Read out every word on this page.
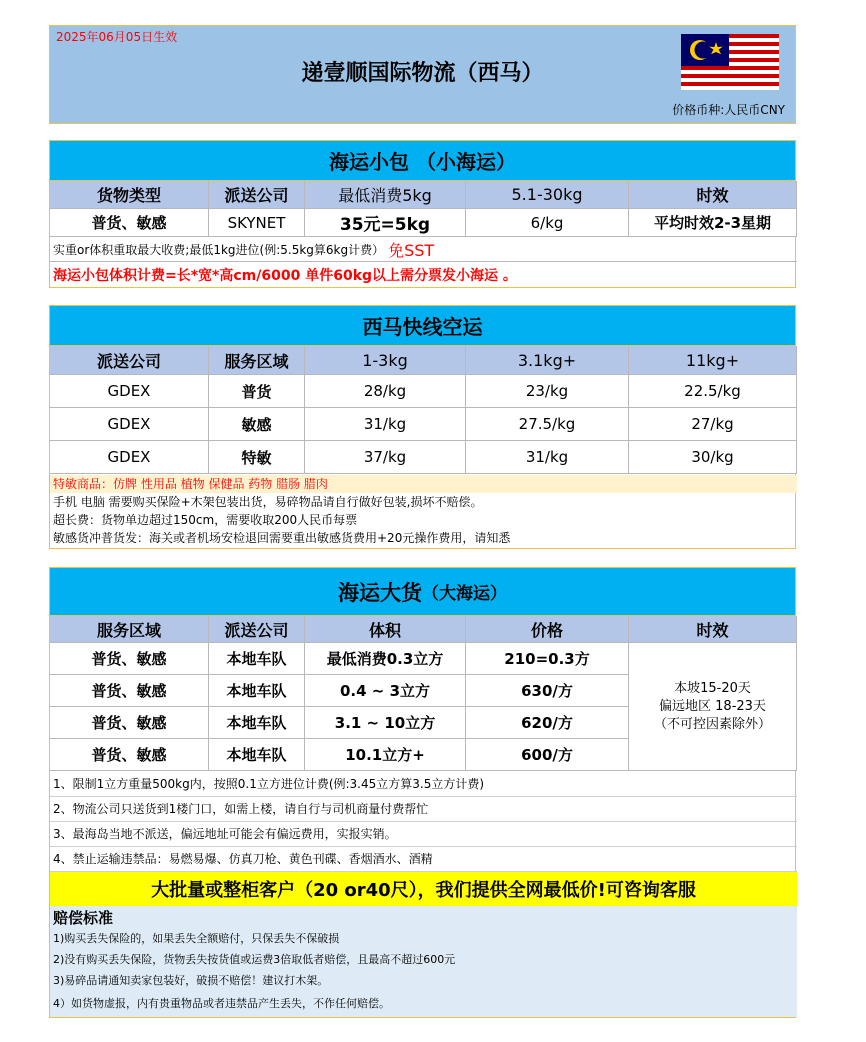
2025年06月05日生效
递壹顺国际物流（西马）
价格币种:人民币CNY
海运小包 （小海运）
货物类型	派送公司	最低消费5kg	5.1-30kg	时效
普货、敏感	SKYNET	35元=5kg	6/kg	平均时效2-3星期
实重or体积重取最大收费;最低1kg进位(例:5.5kg算6kg计费） 免SST
海运小包体积计费=长*宽*高cm/6000 单件60kg以上需分票发小海运 。
西马快线空运
派送公司	服务区域	1-3kg	3.1kg+	11kg+
GDEX	普货	28/kg	23/kg	22.5/kg
GDEX	敏感	31/kg	27.5/kg	27/kg
GDEX	特敏	37/kg	31/kg	30/kg
特敏商品：仿牌 性用品 植物 保健品 药物 腊肠 腊肉
手机 电脑 需要购买保险+木架包装出货，易碎物品请自行做好包装,损坏不赔偿。
超长费：货物单边超过150cm，需要收取200人民币每票
敏感货冲普货发：海关或者机场安检退回需要重出敏感货费用+20元操作费用，请知悉
海运大货 （大海运）
服务区域	派送公司	体积	价格	时效
普货、敏感	本地车队	最低消费0.3立方	210=0.3方
普货、敏感	本地车队	0.4 ~ 3立方	630/方
普货、敏感	本地车队	3.1 ~ 10立方	620/方
普货、敏感	本地车队	10.1立方+	600/方
本坡15-20天
偏远地区 18-23天
（不可控因素除外）
1、限制1立方重量500kg内，按照0.1立方进位计费(例:3.45立方算3.5立方计费)
2、物流公司只送货到1楼门口，如需上楼，请自行与司机商量付费帮忙
3、最海岛当地不派送，偏远地址可能会有偏远费用，实报实销。
4、禁止运输违禁品：易燃易爆、仿真刀枪、黄色刊碟、香烟酒水、酒精
大批量或整柜客户（20 or40尺），我们提供全网最低价!可咨询客服
赔偿标准
1)购买丢失保险的，如果丢失全额赔付，只保丢失不保破损
2)没有购买丢失保险，货物丢失按货值或运费3倍取低者赔偿，且最高不超过600元
3)易碎品请通知卖家包装好，破损不赔偿！建议打木架。
4）如货物虚报，内有贵重物品或者违禁品产生丢失，不作任何赔偿。
